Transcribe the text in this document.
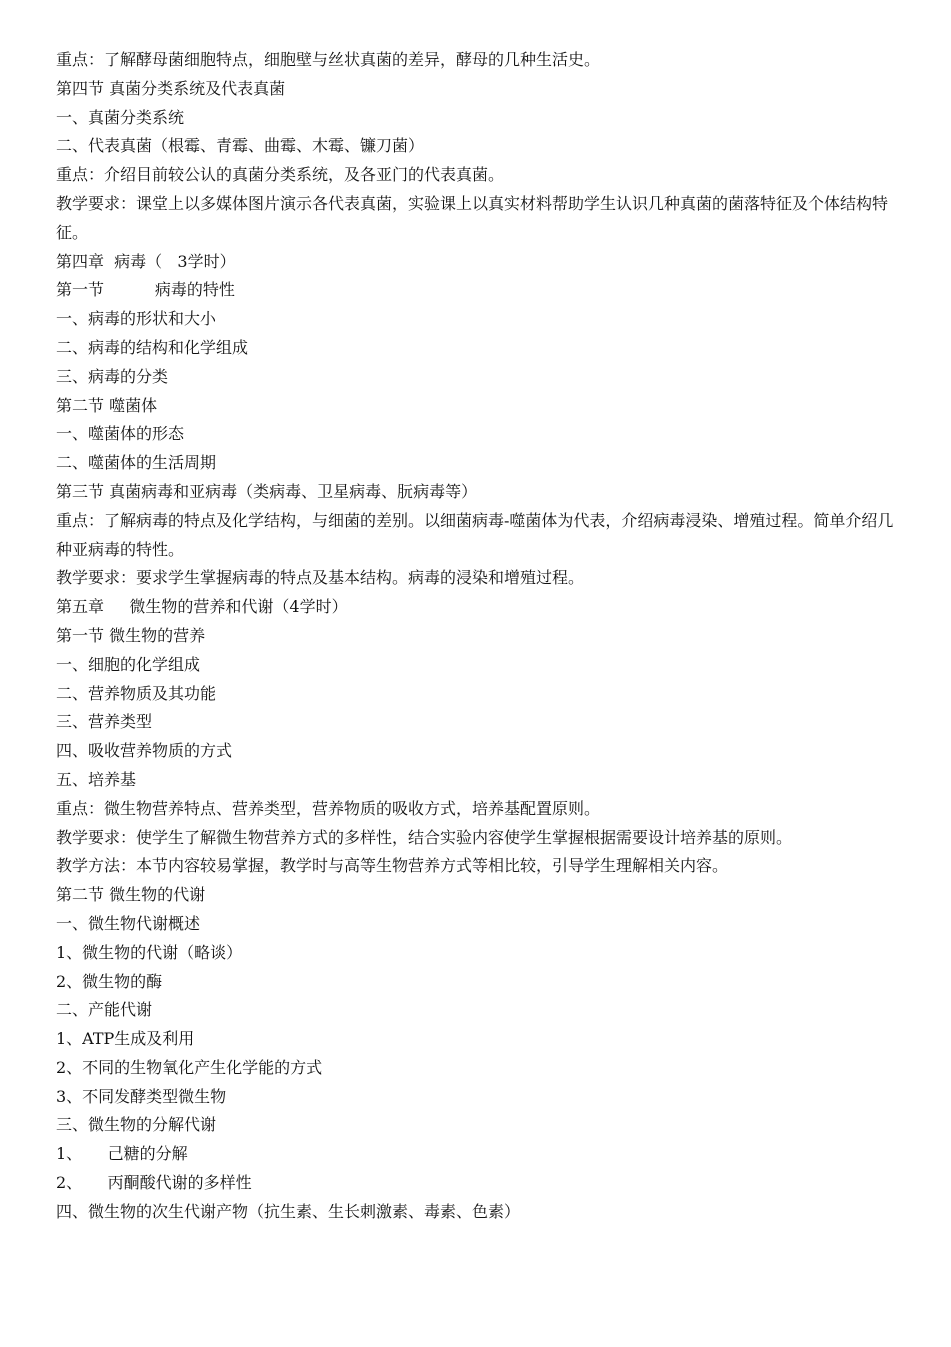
重点：了解酵母菌细胞特点，细胞壁与丝状真菌的差异，酵母的几种生活史。

第四节 真菌分类系统及代表真菌

一、真菌分类系统

二、代表真菌（根霉、青霉、曲霉、木霉、镰刀菌）

重点：介绍目前较公认的真菌分类系统，及各亚门的代表真菌。

教学要求：课堂上以多媒体图片演示各代表真菌，实验课上以真实材料帮助学生认识几种真菌的菌落特征及个体结构特征。

第四章  病毒（   3学时）

第一节          病毒的特性

一、病毒的形状和大小

二、病毒的结构和化学组成

三、病毒的分类

第二节 噬菌体

一、噬菌体的形态

二、噬菌体的生活周期

第三节 真菌病毒和亚病毒（类病毒、卫星病毒、朊病毒等）

重点：了解病毒的特点及化学结构，与细菌的差别。以细菌病毒-噬菌体为代表，介绍病毒浸染、增殖过程。简单介绍几种亚病毒的特性。

教学要求：要求学生掌握病毒的特点及基本结构。病毒的浸染和增殖过程。

第五章     微生物的营养和代谢（4学时）

第一节 微生物的营养

一、细胞的化学组成

二、营养物质及其功能

三、营养类型

四、吸收营养物质的方式

五、培养基

重点：微生物营养特点、营养类型，营养物质的吸收方式，培养基配置原则。

教学要求：使学生了解微生物营养方式的多样性，结合实验内容使学生掌握根据需要设计培养基的原则。

教学方法：本节内容较易掌握，教学时与高等生物营养方式等相比较，引导学生理解相关内容。

第二节 微生物的代谢

一、微生物代谢概述

1、微生物的代谢（略谈）

2、微生物的酶

二、产能代谢

1、ATP生成及利用

2、不同的生物氧化产生化学能的方式

3、不同发酵类型微生物

三、微生物的分解代谢

1、     己糖的分解

2、     丙酮酸代谢的多样性

四、微生物的次生代谢产物（抗生素、生长刺激素、毒素、色素）
